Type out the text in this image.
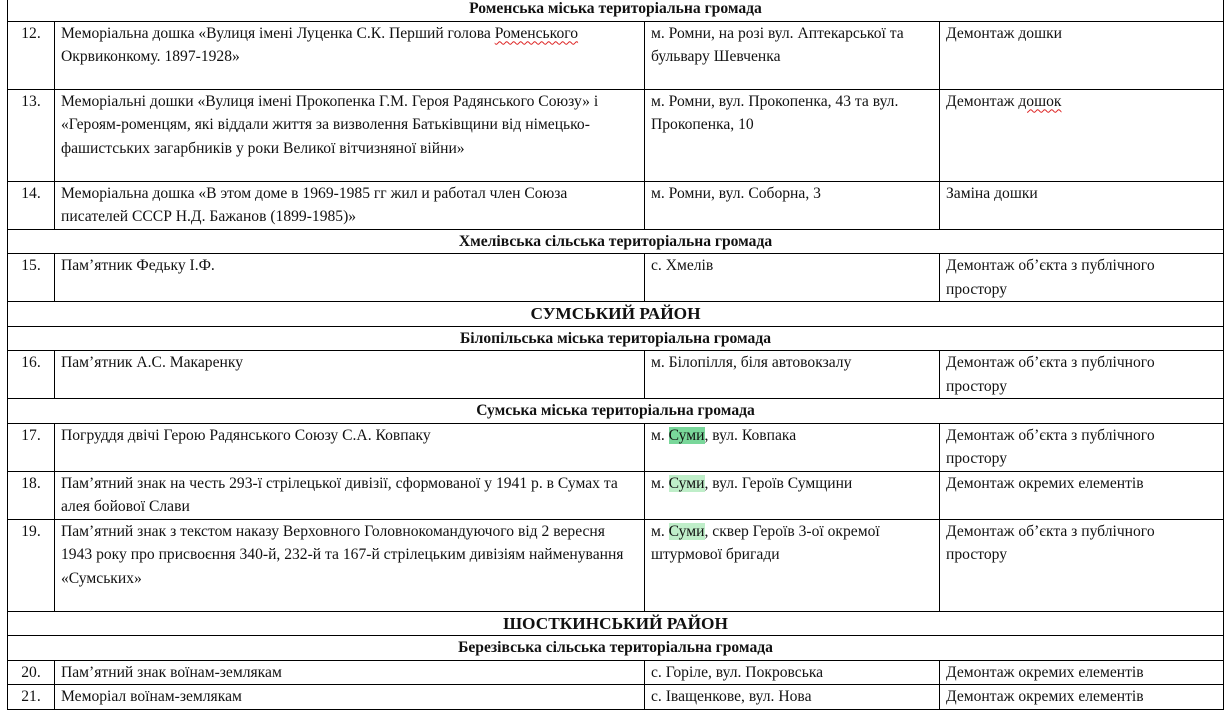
Роменська міська територіальна громада			
12.	Меморіальна дошка «Вулиця імені Луценка С.К. Перший голова Роменського Окрвиконкому. 1897-1928»	м. Ромни, на розі вул. Аптекарської та бульвару Шевченка	Демонтаж дошки
13.	Меморіальні дошки «Вулиця імені Прокопенка Г.М. Героя Радянського Союзу» і «Героям-роменцям, які віддали життя за визволення Батьківщини від німецько-фашистських загарбників у роки Великої вітчизняної війни»	м. Ромни, вул. Прокопенка, 43 та вул. Прокопенка, 10	Демонтаж дошок
14.	Меморіальна дошка «В этом доме в 1969-1985 гг жил и работал член Союза писателей СССР Н.Д. Бажанов (1899-1985)»	м. Ромни, вул. Соборна, 3	Заміна дошки
Хмелівська сільська територіальна громада			
15.	Пам’ятник Федьку І.Ф.	с. Хмелів	Демонтаж об’єкта з публічного простору
СУМСЬКИЙ РАЙОН			
Білопільська міська територіальна громада			
16.	Пам’ятник А.С. Макаренку	м. Білопілля, біля автовокзалу	Демонтаж об’єкта з публічного простору
Сумська міська територіальна громада			
17.	Погруддя двічі Герою Радянського Союзу С.А. Ковпаку	м. Суми, вул. Ковпака	Демонтаж об’єкта з публічного простору
18.	Пам’ятний знак на честь 293-ї стрілецької дивізії, сформованої у 1941 р. в Сумах та алея бойової Слави	м. Суми, вул. Героїв Сумщини	Демонтаж окремих елементів
19.	Пам’ятний знак з текстом наказу Верховного Головнокомандуючого від 2 вересня 1943 року про присвоєння 340-й, 232-й та 167-й стрілецьким дивізіям найменування «Сумських»	м. Суми, сквер Героїв 3-ої окремої штурмової бригади	Демонтаж об’єкта з публічного простору
ШОСТКИНСЬКИЙ РАЙОН			
Березівська сільська територіальна громада			
20.	Пам’ятний знак воїнам-землякам	с. Горіле, вул. Покровська	Демонтаж окремих елементів
21.	Меморіал воїнам-землякам	с. Іващенкове, вул. Нова	Демонтаж окремих елементів
